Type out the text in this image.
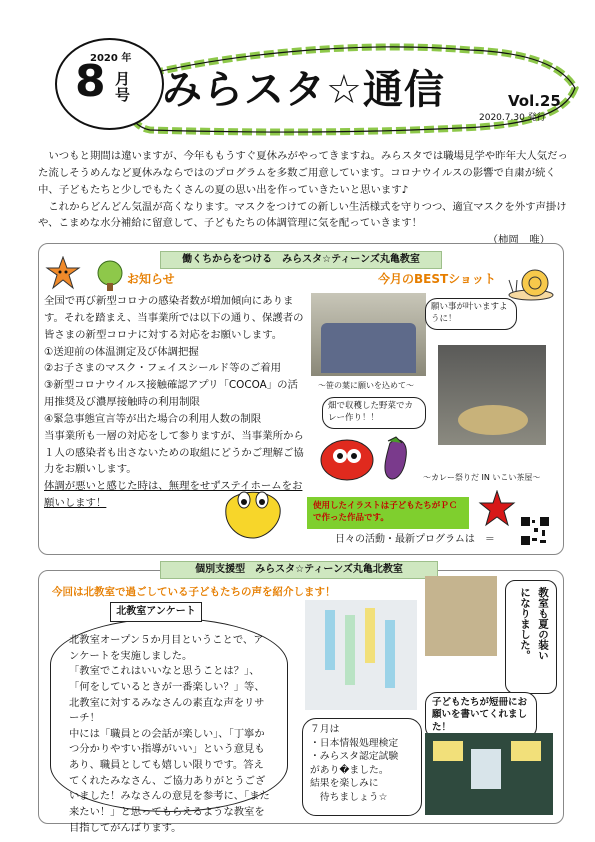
2020 年
8 月号 みらスタ☆通信	Vol.25
2020.7.30 発行

いつもと期間は違いますが、今年ももうすぐ夏休みがやってきますね。みらスタでは職場見学や昨年大人気だった流しそうめんなど夏休みならではのプログラムを多数ご用意しています。コロナウイルスの影響で自粛が続く中、子どもたちと少しでもたくさんの夏の思い出を作っていきたいと思います♪

これからどんどん気温が高くなります。マスクをつけての新しい生活様式を守りつつ、適宜マスクを外す声掛けや、こまめな水分補給に留意して、子どもたちの体調管理に気を配っていきます！

（柿岡　唯）
働くちからをつける　みらスタ☆ティーンズ丸亀教室
お知らせ	今月のBESTショット

全国で再び新型コロナの感染者数が増加傾向にあります。それを踏まえ、当事業所では以下の通り、保護者の皆さまの新型コロナに対する対応をお願いします。

①送迎前の体温測定及び体調把握

②お子さまのマスク・フェイスシールド等のご着用

③新型コロナウイルス接触確認アプリ「COCOA」の活用推奨及び濃厚接触時の利用制限

④緊急事態宣言等が出た場合の利用人数の制限

当事業所も一層の対応をして参りますが、当事業所から１人の感染者も出さないための取組にどうかご理解ご協力をお願いします。

体調が悪いと感じた時は、無理をせずステイホームをお願いします！

願い事が叶いますように！
～笹の葉に願いを込めて～
畑で収穫した野菜でカレー作り！！
～カレー祭りだ IN いこい茶屋～
使用したイラストは子どもたちがＰＣで作った作品です。
日々の活動・最新プログラムは　＝
個別支援型　みらスタ☆ティーンズ丸亀北教室
今回は北教室で過ごしている子どもたちの声を紹介します！

北教室オープン５か月目ということで、アンケートを実施しました。

「教室でこれはいいなと思うことは？」、「何をしているときが一番楽しい？」等、北教室に対するみなさんの素直な声をリサーチ！

中には「職員との会話が楽しい」、「丁寧かつ分かりやすい指導がいい」という意見もあり、職員としても嬉しい限りです。答えてくれたみなさん、ご協力ありがとうございました！みなさんの意見を参考に、「また来たい！」と思ってもらえるような教室を目指してがんばります。

北教室アンケート	教室も夏の装い
になりました。
子どもたちが短冊にお願いを書いてくれました！

７月は

・日本情報処理検定

・みらスタ認定試験

があり�ました。

結果を楽しみに

　待ちましょう☆
